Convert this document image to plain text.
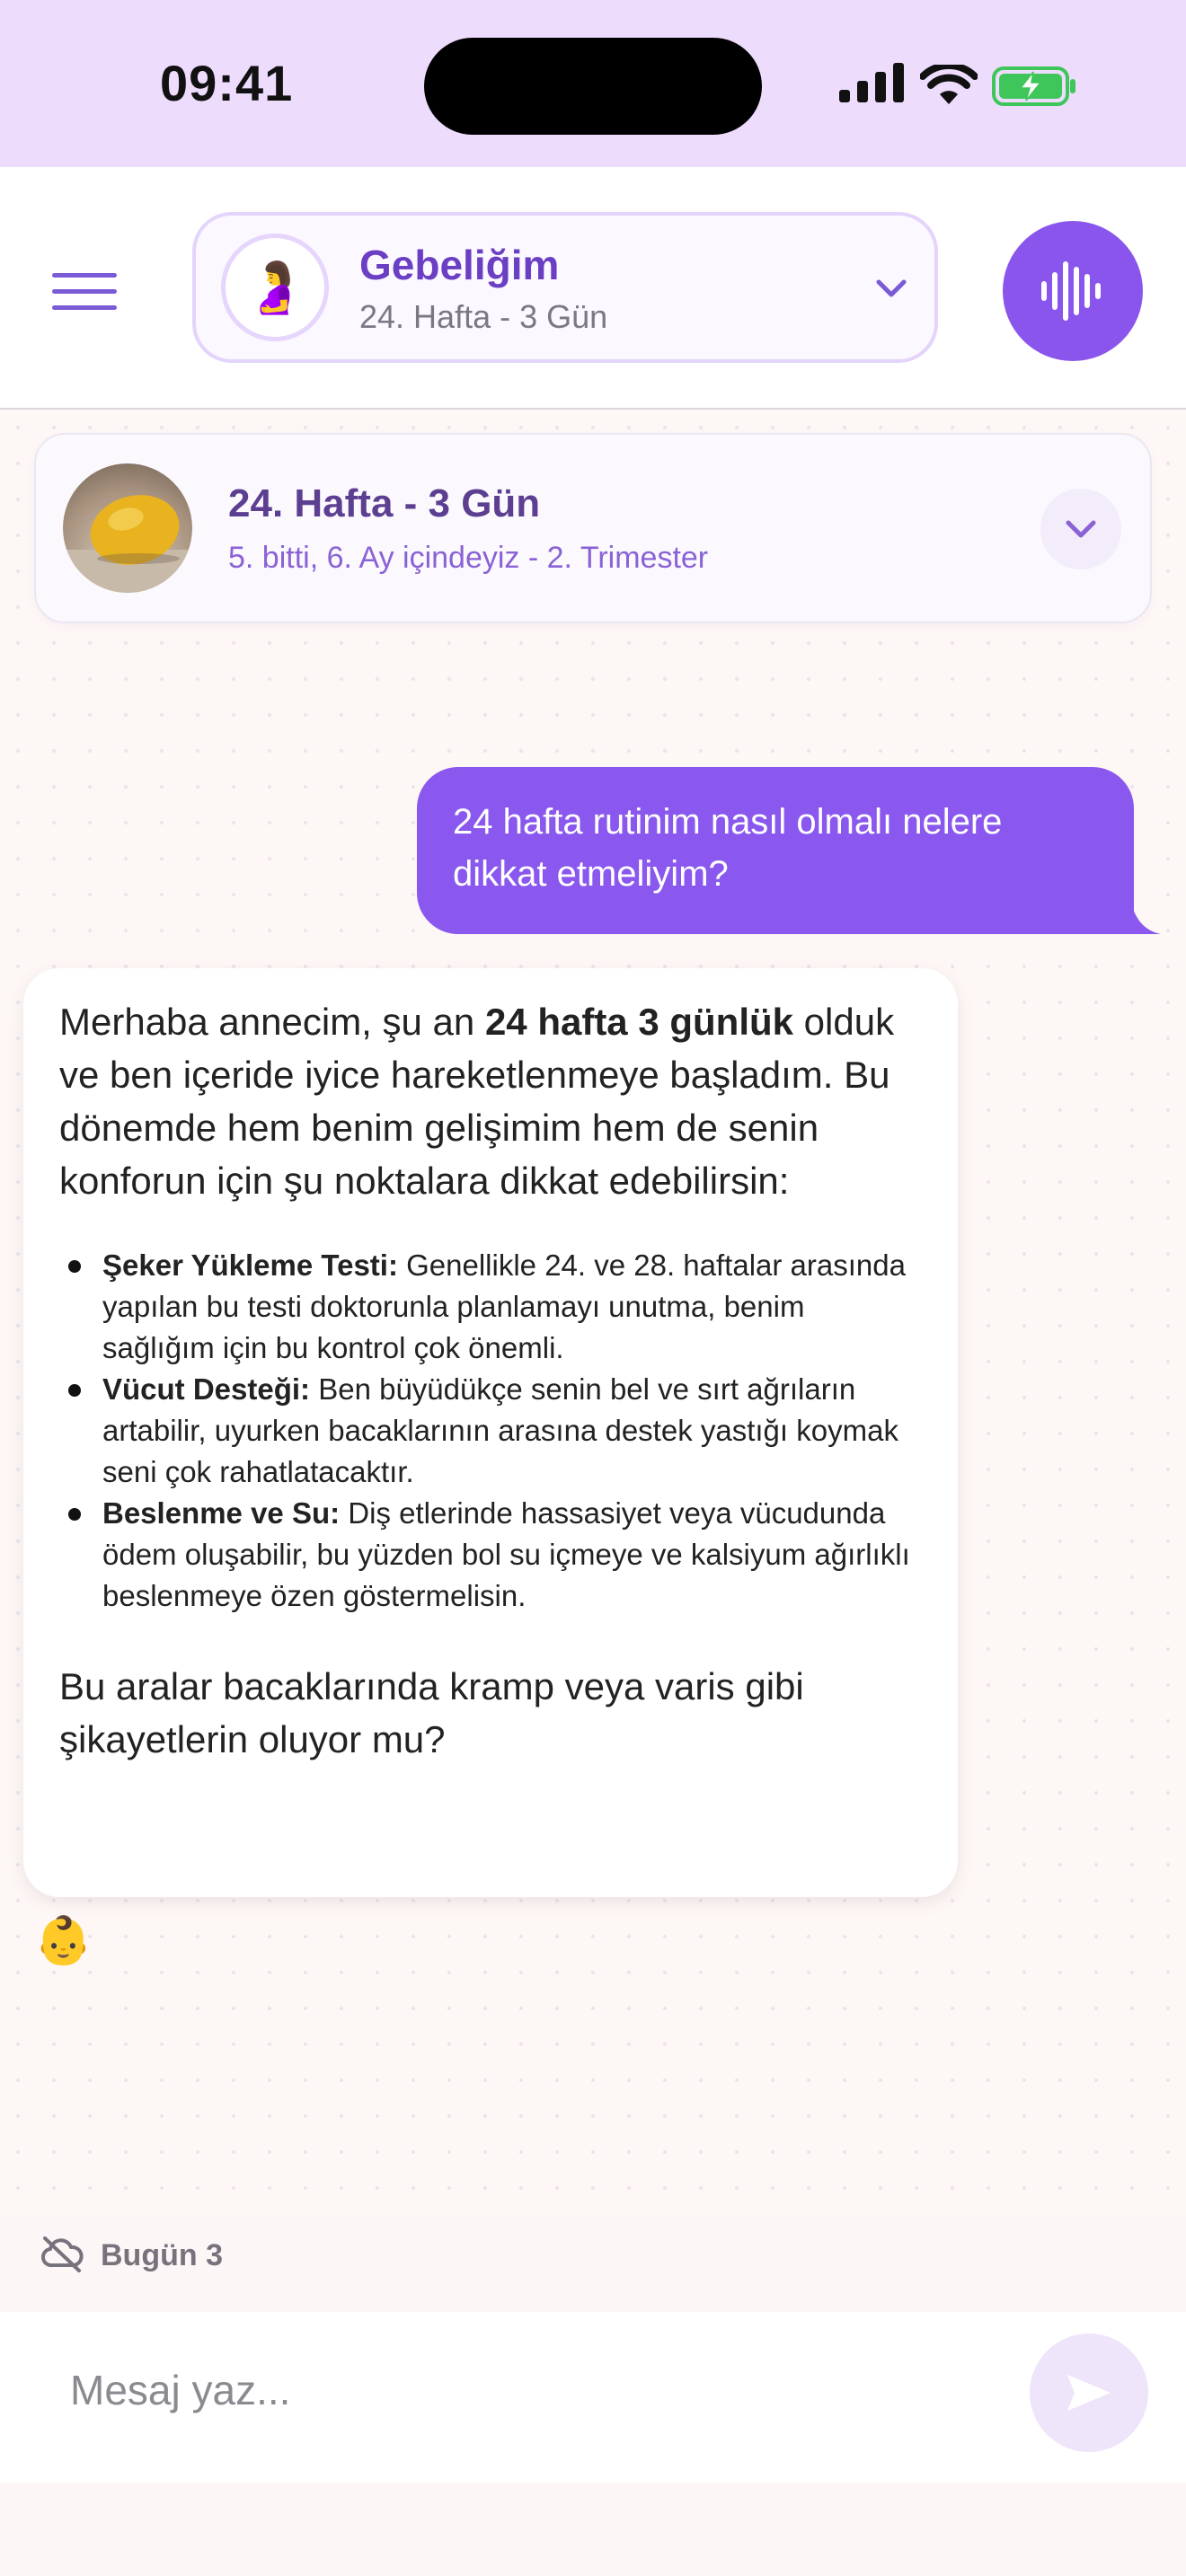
09:41
🤰	Gebeliğim
24. Hafta - 3 Gün
24. Hafta - 3 Gün
5. bitti, 6. Ay içindeyiz - 2. Trimester
24 hafta rutinim nasıl olmalı nelere dikkat etmeliyim?

Merhaba annecim, şu an 24 hafta 3 günlük olduk ve ben içeride iyice hareketlenmeye başladım. Bu dönemde hem benim gelişimim hem de senin konforun için şu noktalara dikkat edebilirsin:

Şeker Yükleme Testi: Genellikle 24. ve 28. haftalar arasında yapılan bu testi doktorunla planlamayı unutma, benim sağlığım için bu kontrol çok önemli.
Vücut Desteği: Ben büyüdükçe senin bel ve sırt ağrıların artabilir, uyurken bacaklarının arasına destek yastığı koymak seni çok rahatlatacaktır.
Beslenme ve Su: Diş etlerinde hassasiyet veya vücudunda ödem oluşabilir, bu yüzden bol su içmeye ve kalsiyum ağırlıklı beslenmeye özen göstermelisin.

Bu aralar bacaklarında kramp veya varis gibi şikayetlerin oluyor mu?

👶
Bugün 3
Mesaj yaz...
